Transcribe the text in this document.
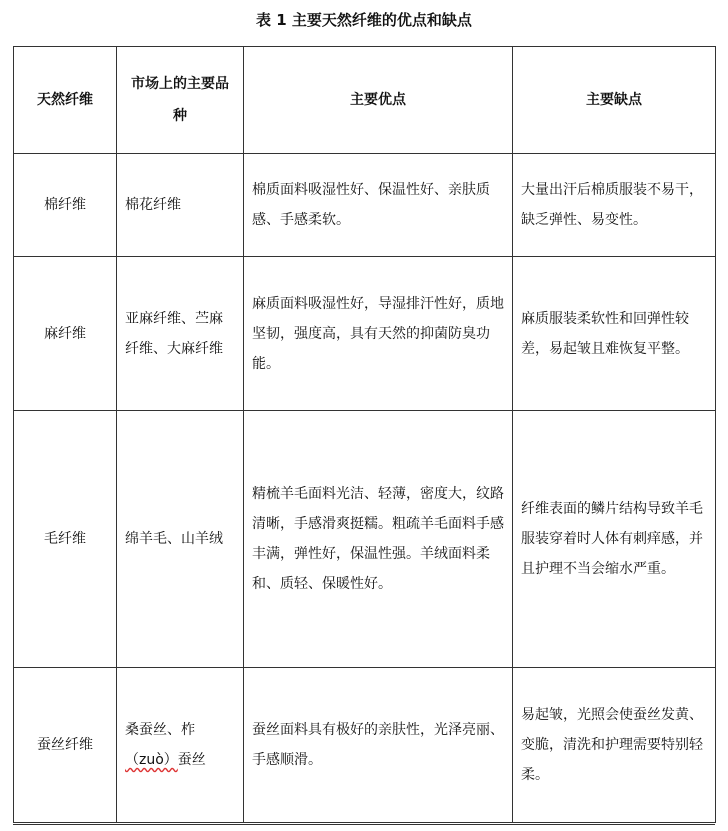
表 1 主要天然纤维的优点和缺点
天然纤维	市场上的主要品种	主要优点	主要缺点
棉纤维	棉花纤维	棉质面料吸湿性好、保温性好、亲肤质感、手感柔软。	大量出汗后棉质服装不易干，缺乏弹性、易变性。
麻纤维	亚麻纤维、苎麻纤维、大麻纤维	麻质面料吸湿性好，导湿排汗性好，质地坚韧，强度高，具有天然的抑菌防臭功能。	麻质服装柔软性和回弹性较差，易起皱且难恢复平整。
毛纤维	绵羊毛、山羊绒	精梳羊毛面料光洁、轻薄，密度大，纹路清晰，手感滑爽挺糯。粗疏羊毛面料手感丰满，弹性好，保温性强。羊绒面料柔和、质轻、保暖性好。	纤维表面的鳞片结构导致羊毛服装穿着时人体有刺痒感，并且护理不当会缩水严重。
蚕丝纤维	桑蚕丝、柞（zuò）蚕丝	蚕丝面料具有极好的亲肤性，光泽亮丽、手感顺滑。	易起皱，光照会使蚕丝发黄、变脆，清洗和护理需要特别轻柔。
